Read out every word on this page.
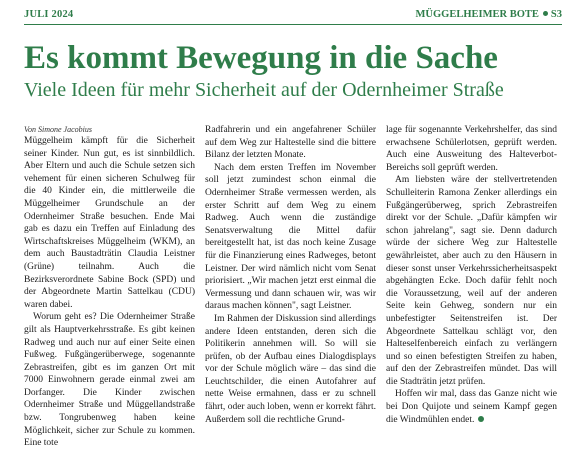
JULI 2024	MÜGGELHEIMER BOTE S3
Es kommt Bewegung in die Sache
Viele Ideen für mehr Sicherheit auf der Odernheimer Straße
Von Simone Jacobius

Müggelheim kämpft für die Sicherheit seiner Kinder. Nun gut, es ist sinnbildlich. Aber Eltern und auch die Schule setzen sich vehement für einen sicheren Schulweg für die 40 Kinder ein, die mittlerweile die Müggelheimer Grundschule an der Odernheimer Straße besuchen. Ende Mai gab es dazu ein Treffen auf Einladung des Wirtschaftskreises Müggelheim (WKM), an dem auch Baustadträtin Claudia Leistner (Grüne) teilnahm. Auch die Bezirksverordnete Sabine Bock (SPD) und der Abgeordnete Martin Sattelkau (CDU) waren dabei.

Worum geht es? Die Odernheimer Straße gilt als Hauptverkehrsstraße. Es gibt keinen Radweg und auch nur auf einer Seite einen Fußweg. Fußgängerüberwege, sogenannte Zebrastreifen, gibt es im ganzen Ort mit 7000 Einwohnern gerade einmal zwei am Dorfanger. Die Kinder zwischen Odernheimer Straße und Müggellandstraße bzw. Tongrubenweg haben keine Möglichkeit, sicher zur Schule zu kommen. Eine tote

Radfahrerin und ein angefahrener Schüler auf dem Weg zur Haltestelle sind die bittere Bilanz der letzten Monate.

Nach dem ersten Treffen im November soll jetzt zumindest schon einmal die Odernheimer Straße vermessen werden, als erster Schritt auf dem Weg zu einem Radweg. Auch wenn die zuständige Senatsverwaltung die Mittel dafür bereitgestellt hat, ist das noch keine Zusage für die Finanzierung eines Radweges, betont Leistner. Der wird nämlich nicht vom Senat priorisiert. „Wir machen jetzt erst einmal die Vermessung und dann schauen wir, was wir daraus machen können", sagt Leistner.

Im Rahmen der Diskussion sind allerdings andere Ideen entstanden, deren sich die Politikerin annehmen will. So will sie prüfen, ob der Aufbau eines Dialogdisplays vor der Schule möglich wäre – das sind die Leuchtschilder, die einen Autofahrer auf nette Weise ermahnen, dass er zu schnell fährt, oder auch loben, wenn er korrekt fährt. Außerdem soll die rechtliche Grund-

lage für sogenannte Verkehrshelfer, das sind erwachsene Schülerlotsen, geprüft werden. Auch eine Ausweitung des Halteverbot-Bereichs soll geprüft werden.

Am liebsten wäre der stellvertretenden Schulleiterin Ramona Zenker allerdings ein Fußgängerüberweg, sprich Zebrastreifen direkt vor der Schule. „Dafür kämpfen wir schon jahrelang", sagt sie. Denn dadurch würde der sichere Weg zur Haltestelle gewährleistet, aber auch zu den Häusern in dieser sonst unser Verkehrssicherheitsaspekt abgehängten Ecke. Doch dafür fehlt noch die Voraussetzung, weil auf der anderen Seite kein Gehweg, sondern nur ein unbefestigter Seitenstreifen ist. Der Abgeordnete Sattelkau schlägt vor, den Halteselfenbereich einfach zu verlängern und so einen befestigten Streifen zu haben, auf den der Zebrastreifen mündet. Das will die Stadträtin jetzt prüfen.

Hoffen wir mal, dass das Ganze nicht wie bei Don Quijote und seinem Kampf gegen die Windmühlen endet.
